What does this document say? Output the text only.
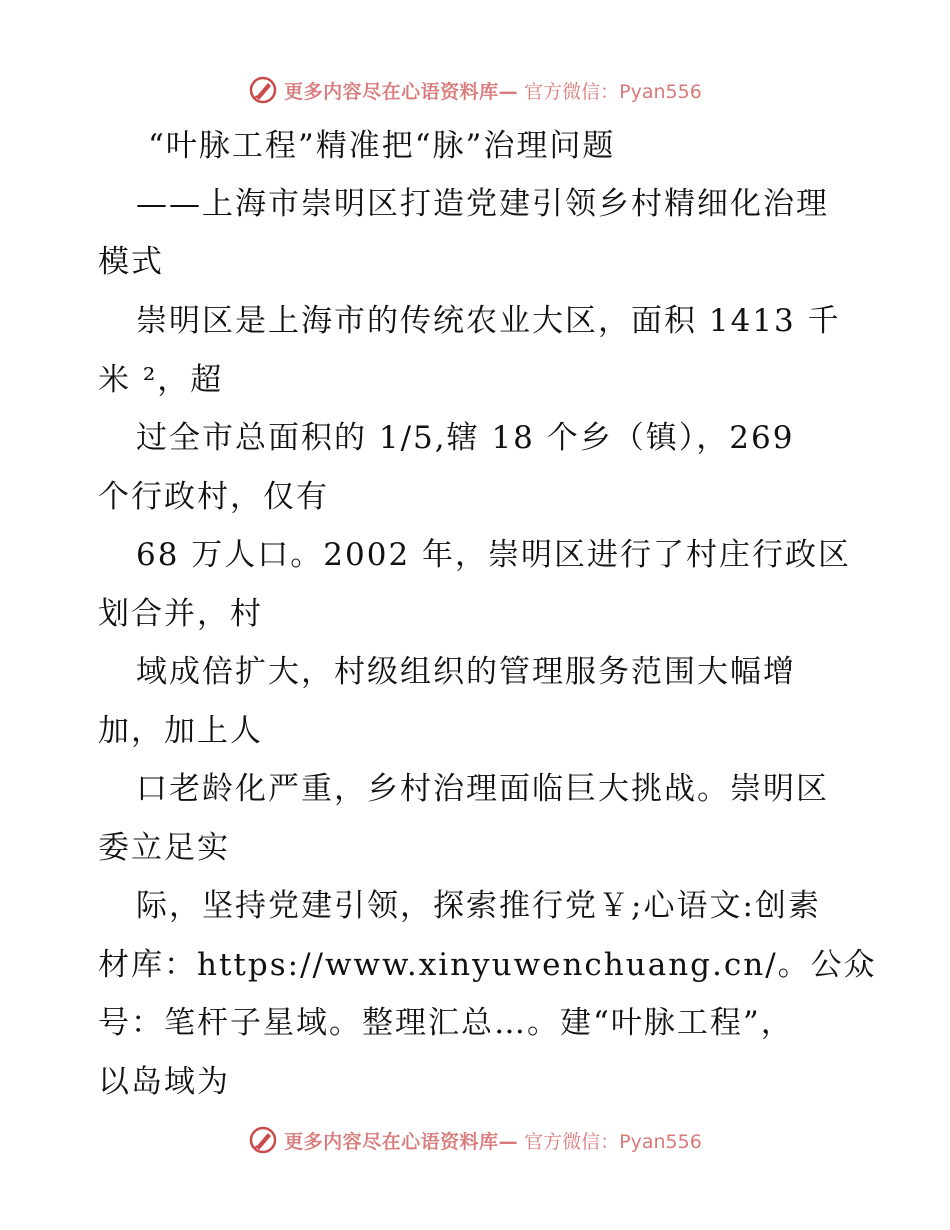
更多内容尽在心语资料库— 官方微信：Pyan556
“叶脉工程”精准把“脉”治理问题
——上海市崇明区打造党建引领乡村精细化治理
模式
崇明区是上海市的传统农业大区，面积 1413 千
米 ²，超
过全市总面积的 1/5,辖 18 个乡（镇），269
个行政村，仅有
68 万人口。2002 年，崇明区进行了村庄行政区
划合并，村
域成倍扩大，村级组织的管理服务范围大幅增
加，加上人
口老龄化严重，乡村治理面临巨大挑战。崇明区
委立足实
际，坚持党建引领，探索推行党￥;心语文:创素
材库：https://www.xinyuwenchuang.cn/。公众
号：笔杆子星域。整理汇总…。建“叶脉工程”，
以岛域为
更多内容尽在心语资料库— 官方微信：Pyan556
